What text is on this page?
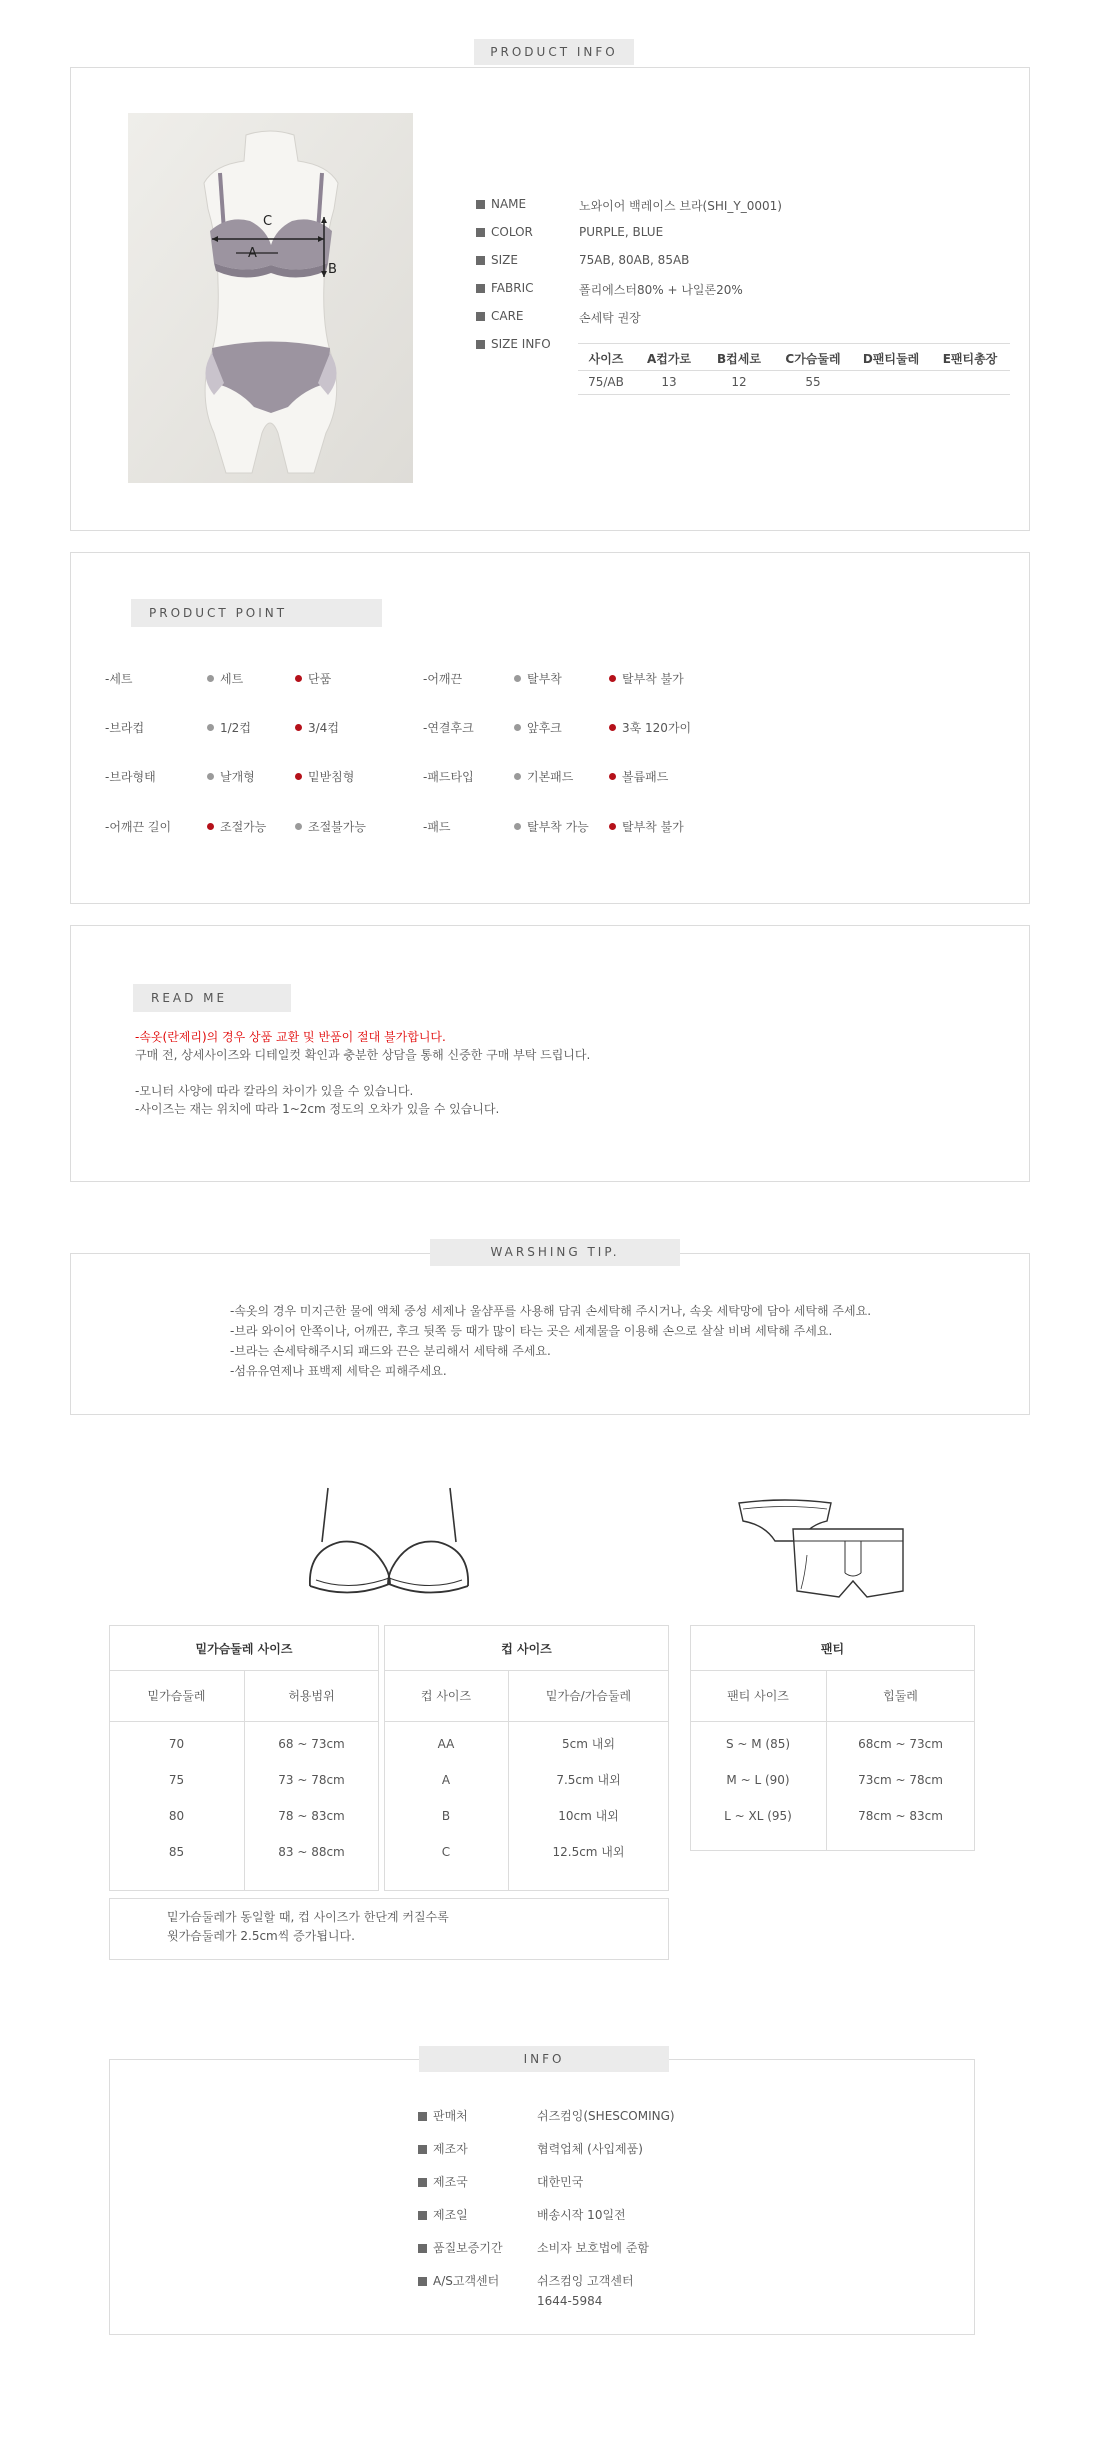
PRODUCT INFO
C
A
B
NAME	노와이어 백레이스 브라(SHI_Y_0001)
COLOR	PURPLE, BLUE
SIZE	75AB, 80AB, 85AB
FABRIC	폴리에스터80% + 나일론20%
CARE	손세탁 권장
SIZE INFO
사이즈	A컵가로	B컵세로	C가슴둘레	D팬티둘레	E팬티총장
75/AB	13	12	55		
PRODUCT POINT
-세트	세트	단품
-브라컵	1/2컵	3/4컵
-브라형태	날개형	밑받침형
-어깨끈 길이	조절가능	조절불가능
-어깨끈	탈부착	탈부착 불가
-연결후크	앞후크	3훅 120가이
-패드타입	기본패드	볼륨패드
-패드	탈부착 가능	탈부착 불가
READ ME
-속옷(란제리)의 경우 상품 교환 및 반품이 절대 불가합니다.
구매 전, 상세사이즈와 디테일컷 확인과 충분한 상담을 통해 신중한 구매 부탁 드립니다.
-모니터 사양에 따라 칼라의 차이가 있을 수 있습니다.
-사이즈는 재는 위치에 따라 1~2cm 정도의 오차가 있을 수 있습니다.
WARSHING TIP.
-속옷의 경우 미지근한 물에 액체 중성 세제나 울샴푸를 사용해 담궈 손세탁해 주시거나, 속옷 세탁망에 담아 세탁해 주세요.
-브라 와이어 안쪽이나, 어깨끈, 후크 뒷쪽 등 때가 많이 타는 곳은 세제물을 이용해 손으로 살살 비벼 세탁해 주세요.
-브라는 손세탁해주시되 패드와 끈은 분리해서 세탁해 주세요.
-섬유유연제나 표백제 세탁은 피해주세요.
밑가슴둘레 사이즈
밑가슴둘레	허용범위
70	68 ~ 73cm
75	73 ~ 78cm
80	78 ~ 83cm
85	83 ~ 88cm
컵 사이즈
컵 사이즈	밑가슴/가슴둘레
AA	5cm 내외
A	7.5cm 내외
B	10cm 내외
C	12.5cm 내외
팬티
팬티 사이즈	힙둘레
S ~ M (85)	68cm ~ 73cm
M ~ L (90)	73cm ~ 78cm
L ~ XL (95)	78cm ~ 83cm
밑가슴둘레가 동일할 때, 컵 사이즈가 한단계 커질수록
윗가슴둘레가 2.5cm씩 증가됩니다.
INFO
판매처	쉬즈컴잉(SHESCOMING)
제조자	협력업체 (사입제품)
제조국	대한민국
제조일	배송시작 10일전
품질보증기간	소비자 보호법에 준함
A/S고객센터	쉬즈컴잉 고객센터
1644-5984
